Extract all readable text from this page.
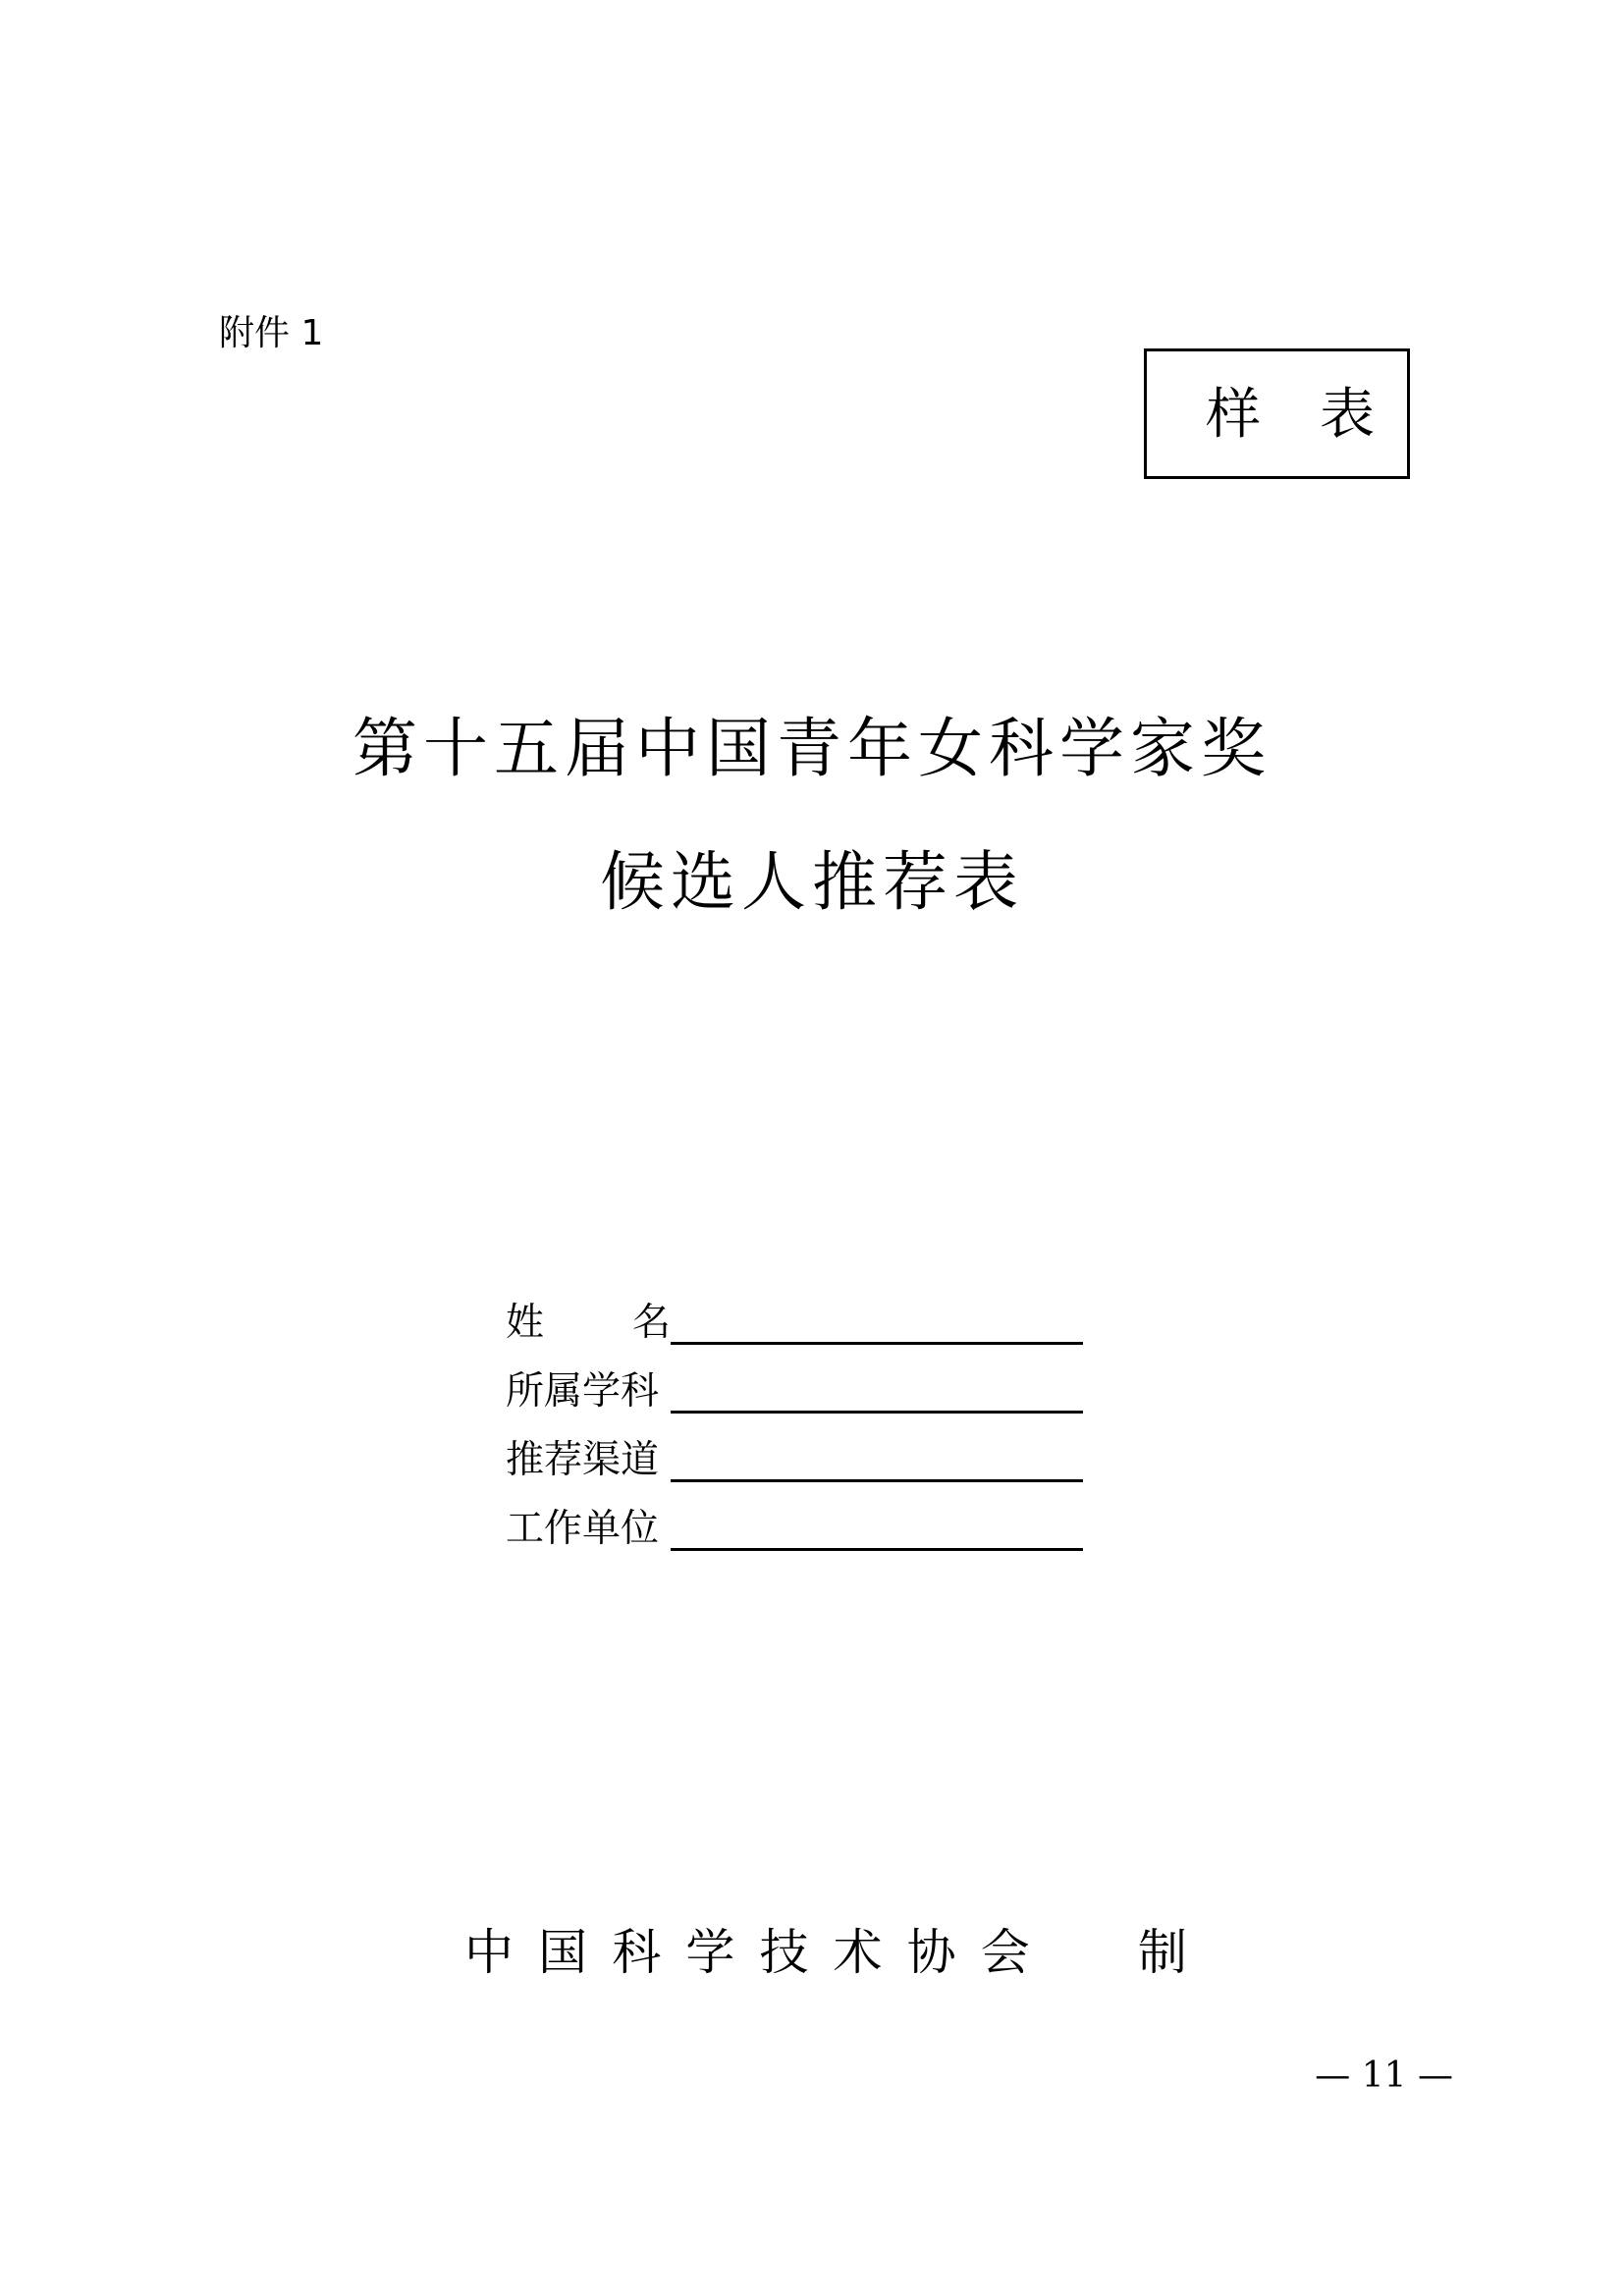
附件 1
样表
第十五届中国青年女科学家奖
候选人推荐表
姓 名
所属学科
推荐渠道
工作单位
中 国 科 学 技 术 协 会 制
— 11 —
